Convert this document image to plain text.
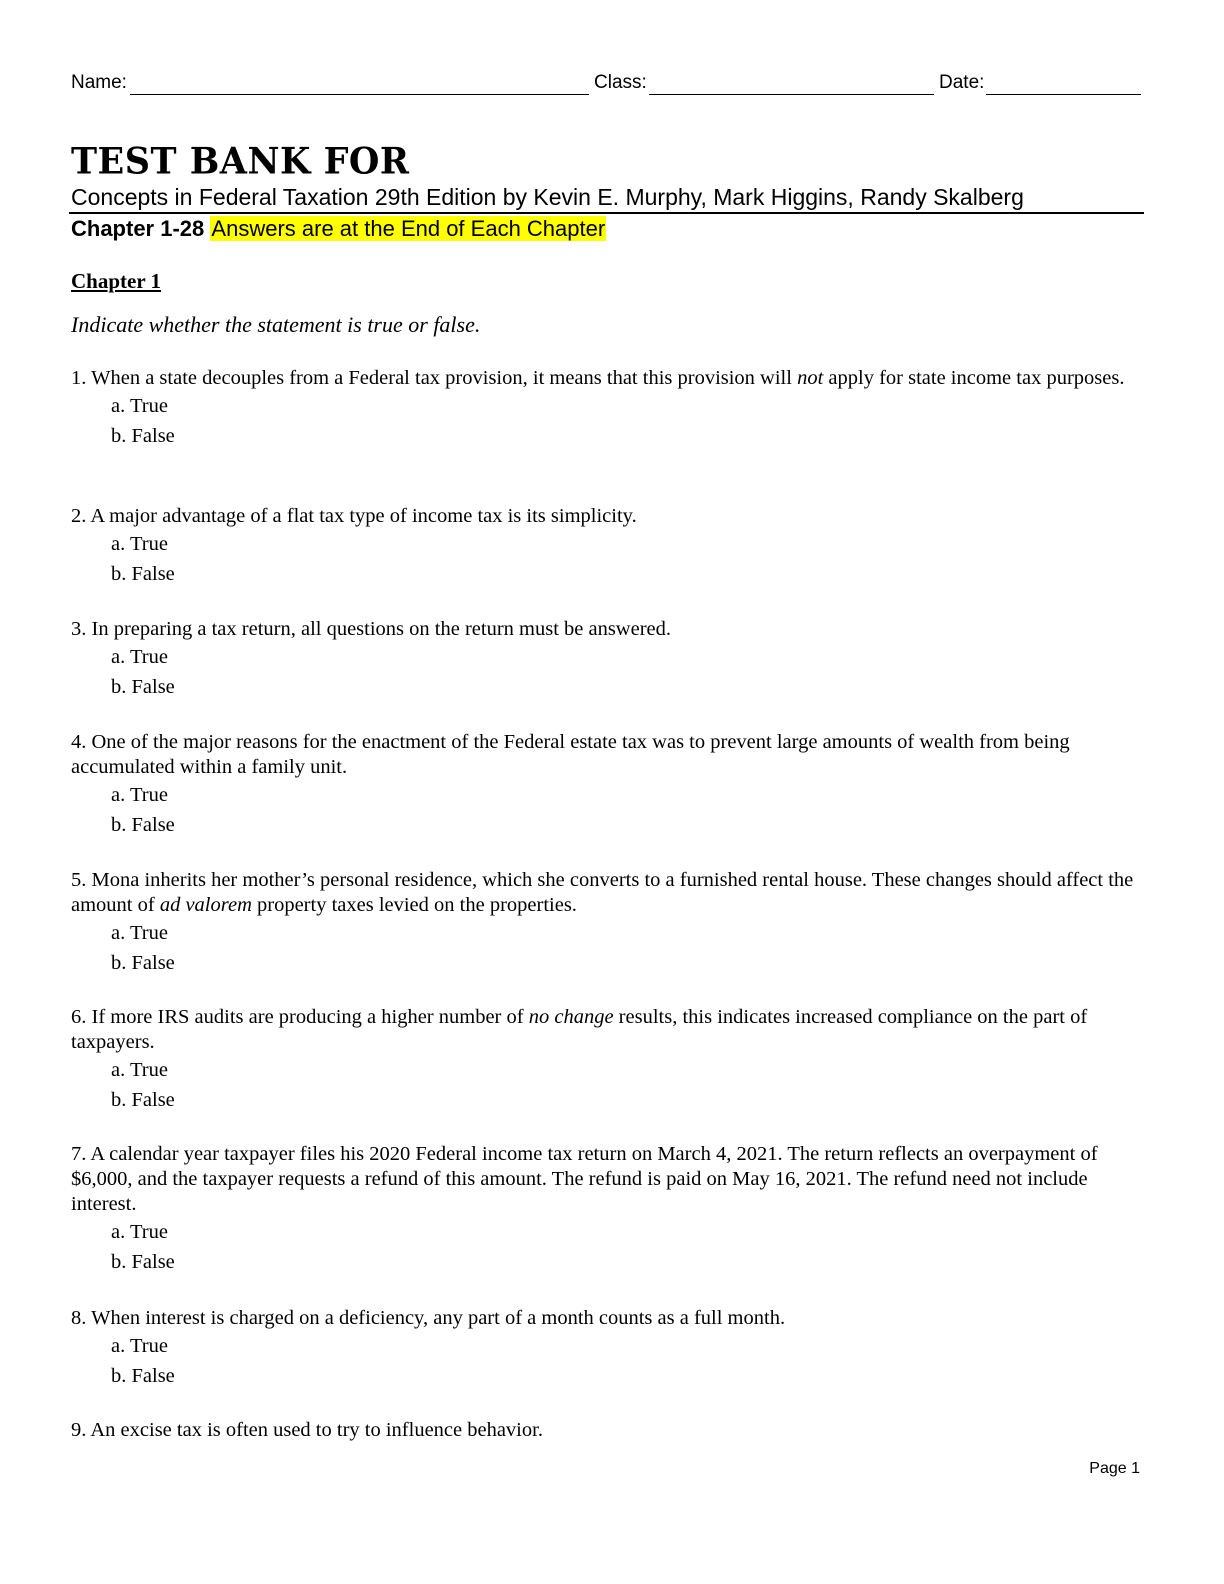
Name:	Class:	Date:
TEST BANK FOR
Concepts in Federal Taxation 29th Edition by Kevin E. Murphy, Mark Higgins, Randy Skalberg
Chapter 1-28 Answers are at the End of Each Chapter
Chapter 1
Indicate whether the statement is true or false.

1. When a state decouples from a Federal tax provision, it means that this provision will not apply for state income tax purposes.

a. True

b. False

2. A major advantage of a flat tax type of income tax is its simplicity.

a. True

b. False

3. In preparing a tax return, all questions on the return must be answered.

a. True

b. False

4. One of the major reasons for the enactment of the Federal estate tax was to prevent large amounts of wealth from being accumulated within a family unit.

a. True

b. False

5. Mona inherits her mother’s personal residence, which she converts to a furnished rental house. These changes should affect the amount of ad valorem property taxes levied on the properties.

a. True

b. False

6. If more IRS audits are producing a higher number of no change results, this indicates increased compliance on the part of taxpayers.

a. True

b. False

7. A calendar year taxpayer files his 2020 Federal income tax return on March 4, 2021. The return reflects an overpayment of $6,000, and the taxpayer requests a refund of this amount. The refund is paid on May 16, 2021. The refund need not include interest.

a. True

b. False

8. When interest is charged on a deficiency, any part of a month counts as a full month.

a. True

b. False

9. An excise tax is often used to try to influence behavior.

Page 1
